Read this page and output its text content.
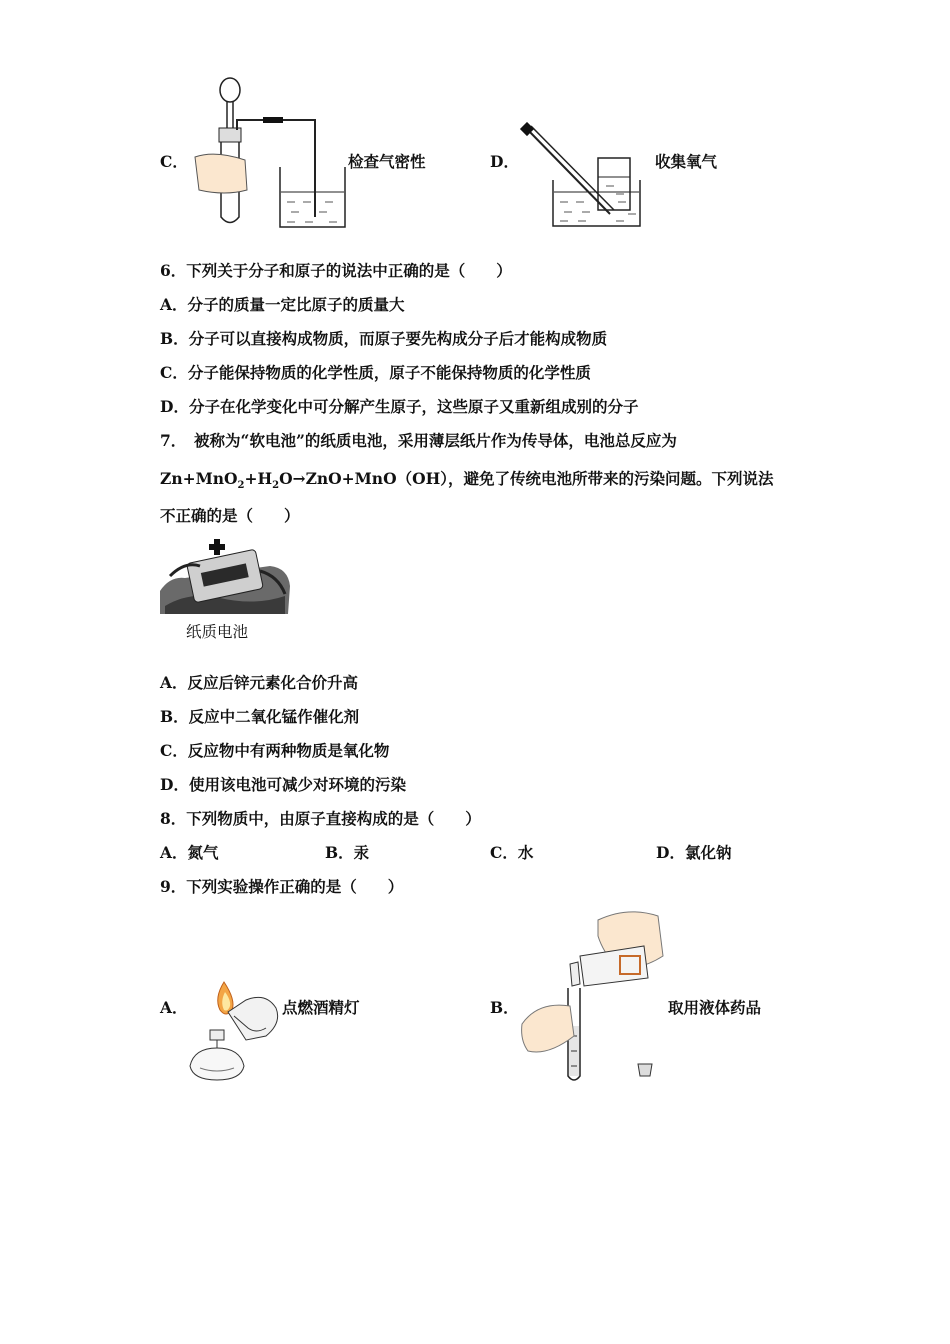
C．	检查气密性	D．	收集氧气
6．下列关于分子和原子的说法中正确的是（　　）
A．分子的质量一定比原子的质量大
B．分子可以直接构成物质，而原子要先构成分子后才能构成物质
C．分子能保持物质的化学性质，原子不能保持物质的化学性质
D．分子在化学变化中可分解产生原子，这些原子又重新组成别的分子
7．　被称为“软电池”的纸质电池，采用薄层纸片作为传导体，电池总反应为
$Zn+MnO_2+H_2O\to ZnO+MnO(OH)$，避免了传统电池所带来的污染问题。下列说法
不正确的是（　　）
纸质电池
A．反应后锌元素化合价升高
B．反应中二氧化锰作催化剂
C．反应物中有两种物质是氧化物
D．使用该电池可减少对环境的污染
8．下列物质中，由原子直接构成的是（　　）
A．氮气	B．汞	C．水	D．氯化钠
9．下列实验操作正确的是（　　）
A．	点燃酒精灯	B．	取用液体药品
